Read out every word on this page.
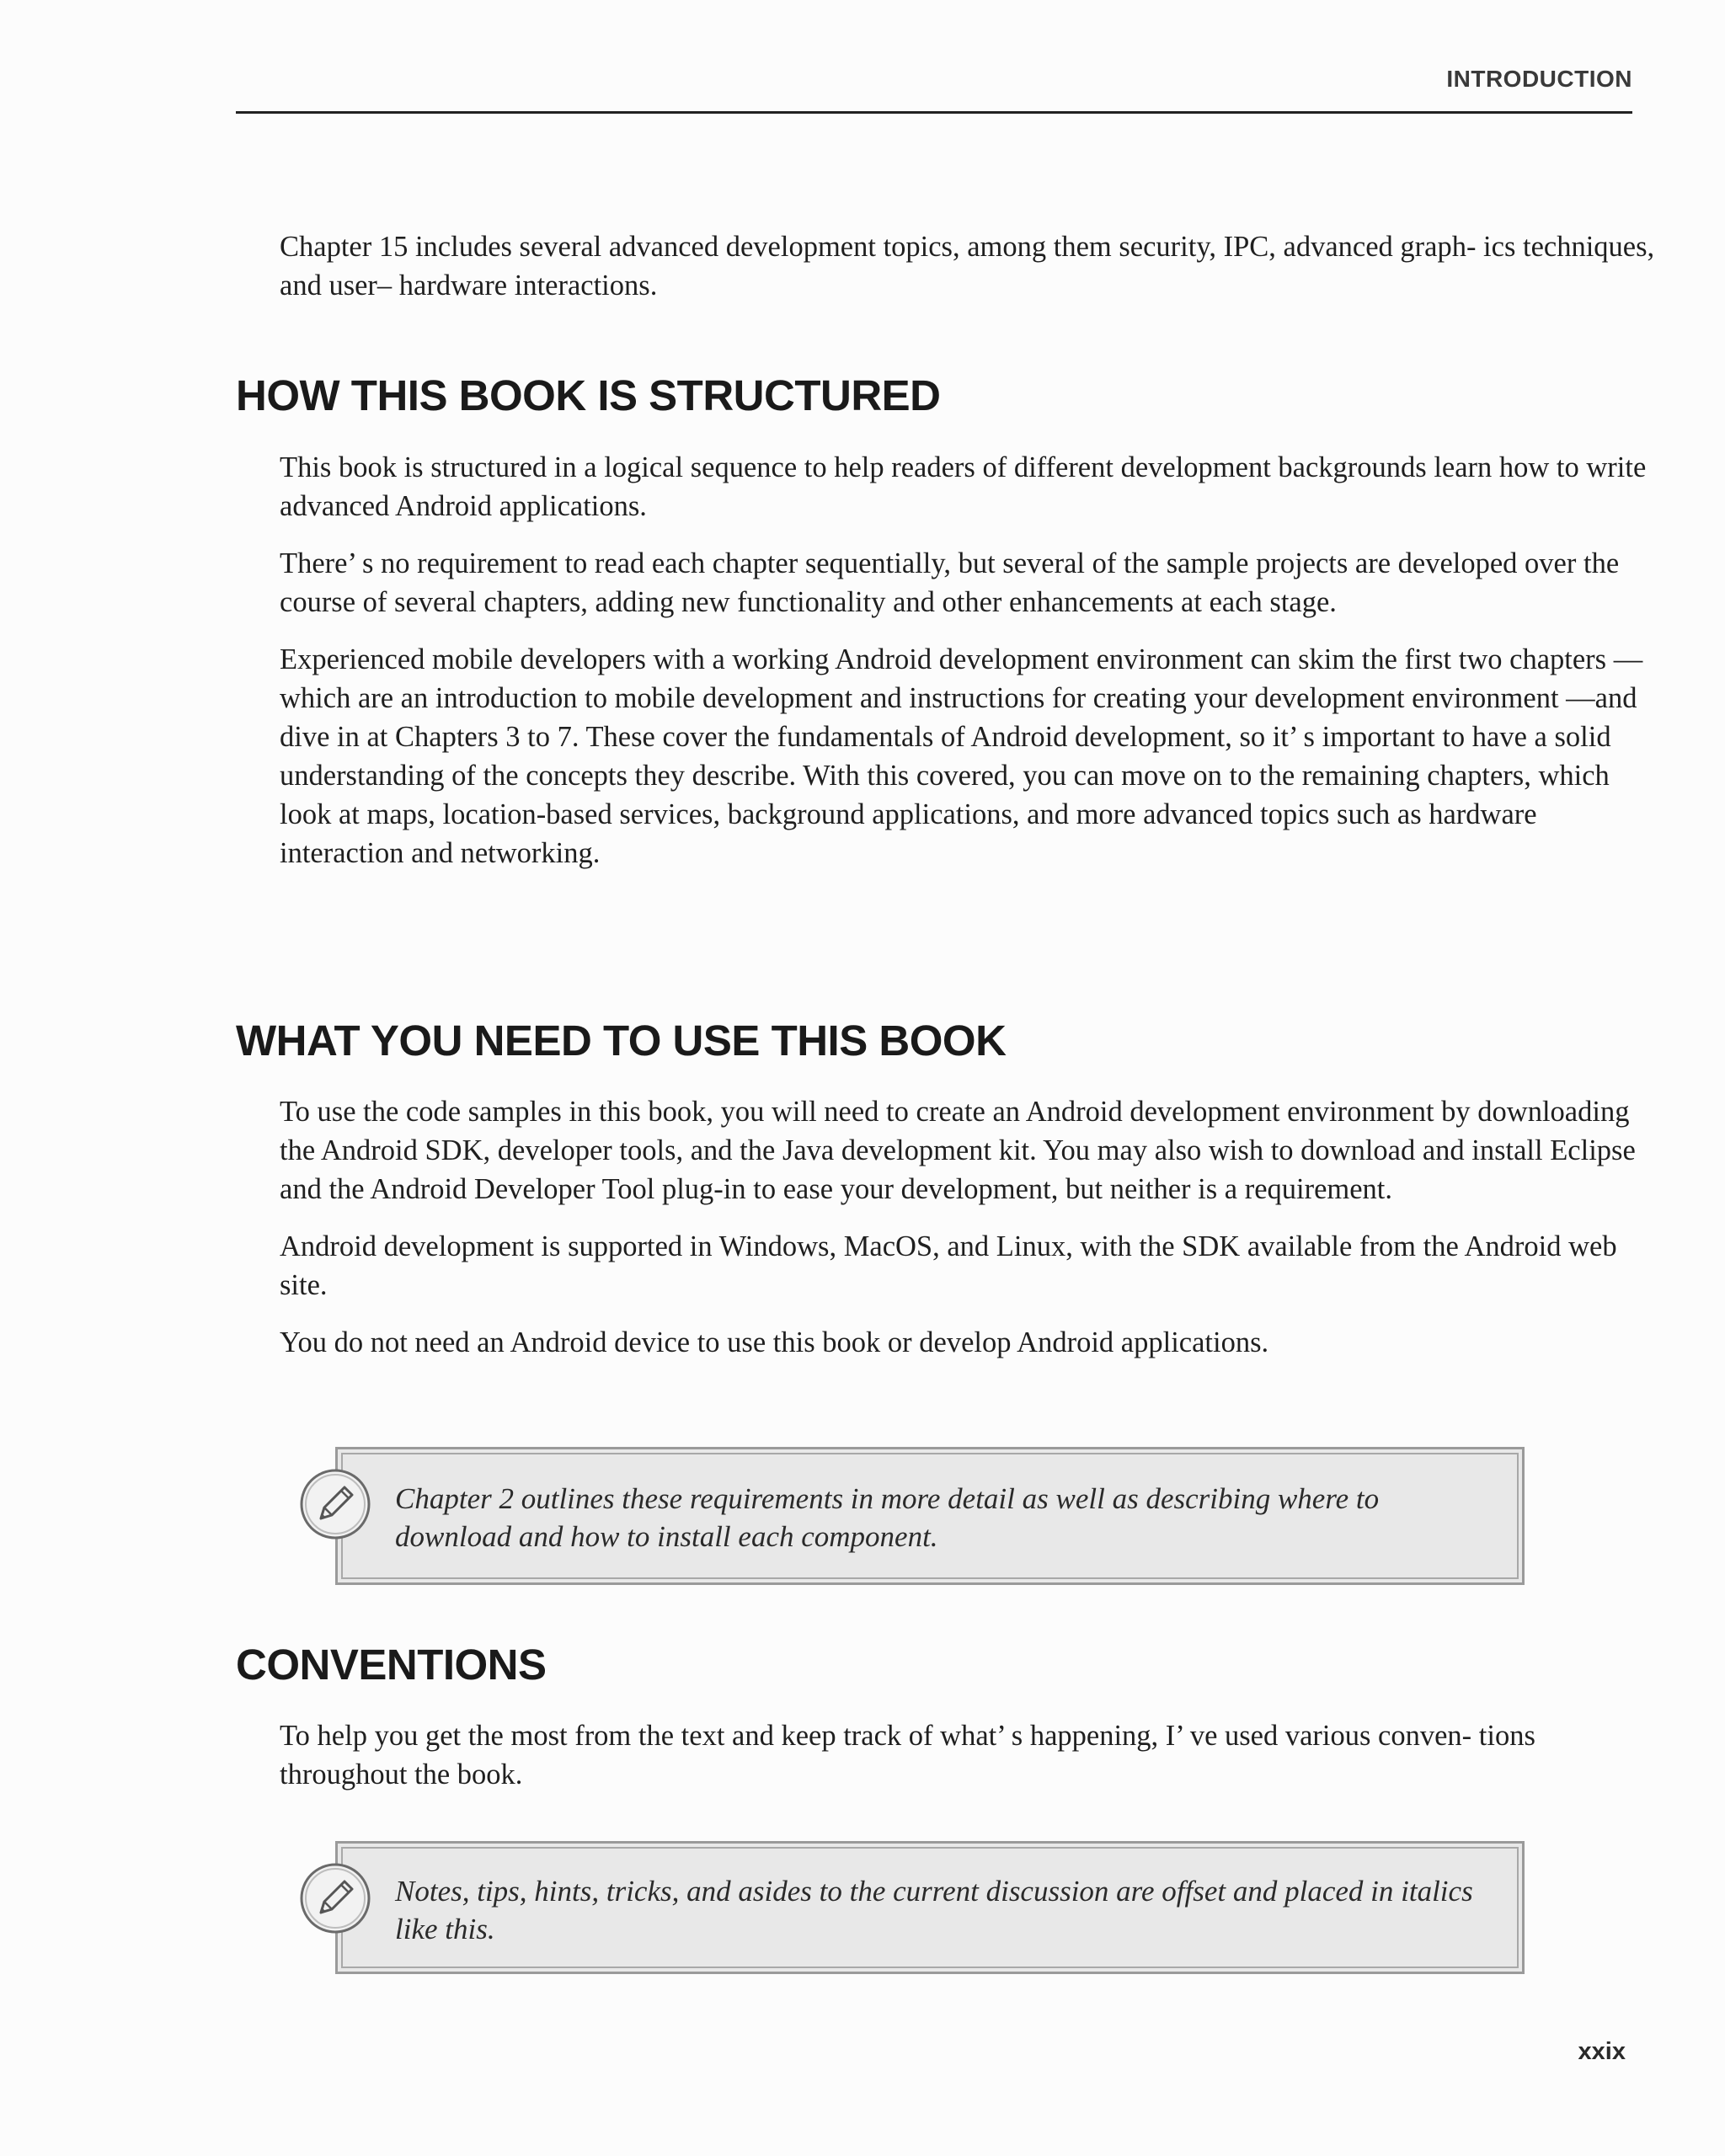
INTRODUCTION

Chapter 15 includes several advanced development topics, among them security, IPC, advanced graph- ics techniques, and user– hardware interactions.

HOW THIS BOOK IS STRUCTURED

This book is structured in a logical sequence to help readers of different development backgrounds learn how to write advanced Android applications.

There’ s no requirement to read each chapter sequentially, but several of the sample projects are developed over the course of several chapters, adding new functionality and other enhancements at each stage.

Experienced mobile developers with a working Android development environment can skim the first two chapters —which are an introduction to mobile development and instructions for creating your development environment —and dive in at Chapters 3 to 7. These cover the fundamentals of Android development, so it’ s important to have a solid understanding of the concepts they describe. With this covered, you can move on to the remaining chapters, which look at maps, location-based services, background applications, and more advanced topics such as hardware interaction and networking.

WHAT YOU NEED TO USE THIS BOOK

To use the code samples in this book, you will need to create an Android development environment by downloading the Android SDK, developer tools, and the Java development kit. You may also wish to download and install Eclipse and the Android Developer Tool plug-in to ease your development, but neither is a requirement.

Android development is supported in Windows, MacOS, and Linux, with the SDK available from the Android web site.

You do not need an Android device to use this book or develop Android applications.

Chapter 2 outlines these requirements in more detail as well as describing where to download and how to install each component.
CONVENTIONS

To help you get the most from the text and keep track of what’ s happening, I’ ve used various conven- tions throughout the book.

Notes, tips, hints, tricks, and asides to the current discussion are offset and placed in italics like this.
xxix
